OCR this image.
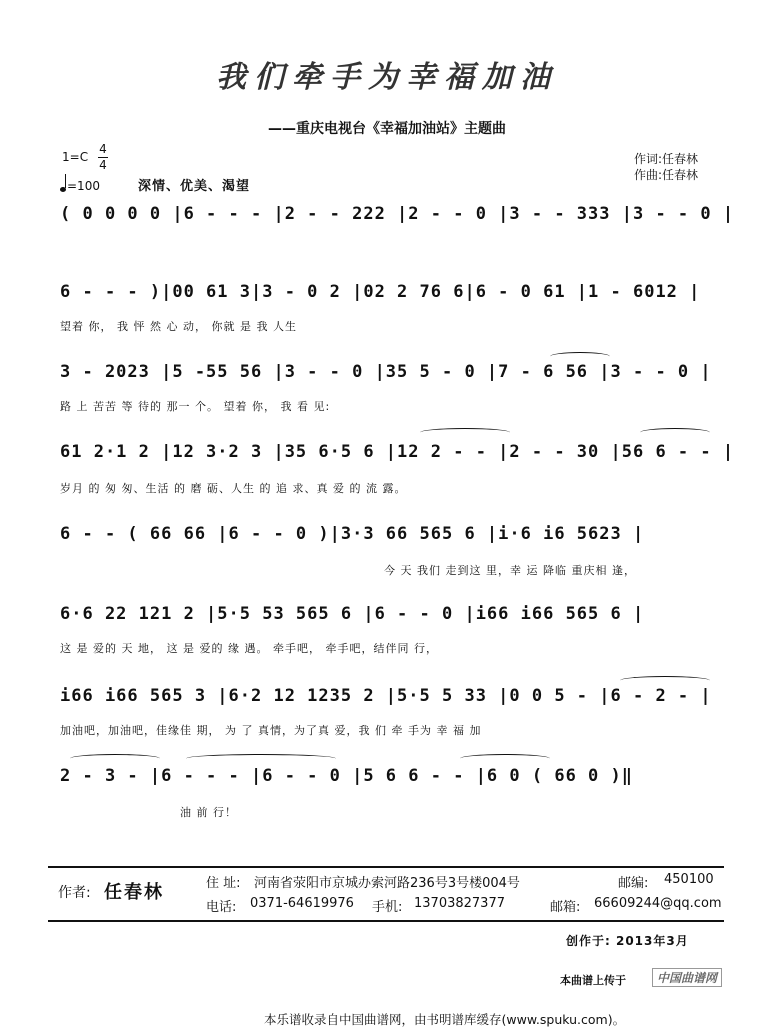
我们牵手为幸福加油
——重庆电视台《幸福加油站》主题曲
1=C
4
4
=100	深情、优美、渴望
作词:任春林
作曲:任春林
( 0 0 0 0 |6 - - - |2 - - 222 |2 - - 0 |3 - - 333 |3 - - 0 |
6 - - - )|00 61 3|3 - 0 2 |02 2 76 6|6 - 0 61 |1 - 6012 |
望着 你， 我 怦 然 心 动， 你就 是 我 人生
3 - 2023 |5 -55 56 |3 - - 0 |35 5 - 0 |7 - 6 56 |3 - - 0 |
路 上 苦苦 等 待的 那一 个。 望着 你， 我 看 见:
61 2·1 2 |12 3·2 3 |35 6·5 6 |12 2 - - |2 - - 30 |56 6 - - |
岁月 的 匆 匆、生活 的 磨 砺、人生 的 追 求、真 爱 的 流 露。
6 - - ( 66 66 |6 - - 0 )|3·3 66 565 6 |i·6 i6 5623 |
今 天 我们 走到这 里，幸 运 降临 重庆相 逢，
6·6 22 121 2 |5·5 53 565 6 |6 - - 0 |i66 i66 565 6 |
这 是 爱的 天 地， 这 是 爱的 缘 遇。 牵手吧， 牵手吧，结伴同 行，
i66 i66 565 3 |6·2 12 1235 2 |5·5 5 33 |0 0 5 - |6 - 2 - |
加油吧，加油吧，佳缘佳 期， 为 了 真情，为了真 爱，我 们 牵 手为 幸 福 加
2 - 3 - |6 - - - |6 - - 0 |5 6 6 - - |6 0 ( 66 0 )‖
油 前 行！
作者: 任春林	住 址: 河南省荥阳市京城办索河路236号3号楼004号	邮编: 450100
电话: 0371-64619976 手机: 13703827377	邮箱: 66609244@qq.com
创作于: 2013年3月
本曲谱上传于	中国曲谱网
本乐谱收录自中国曲谱网，由书明谱库缓存(www.spuku.com)。
